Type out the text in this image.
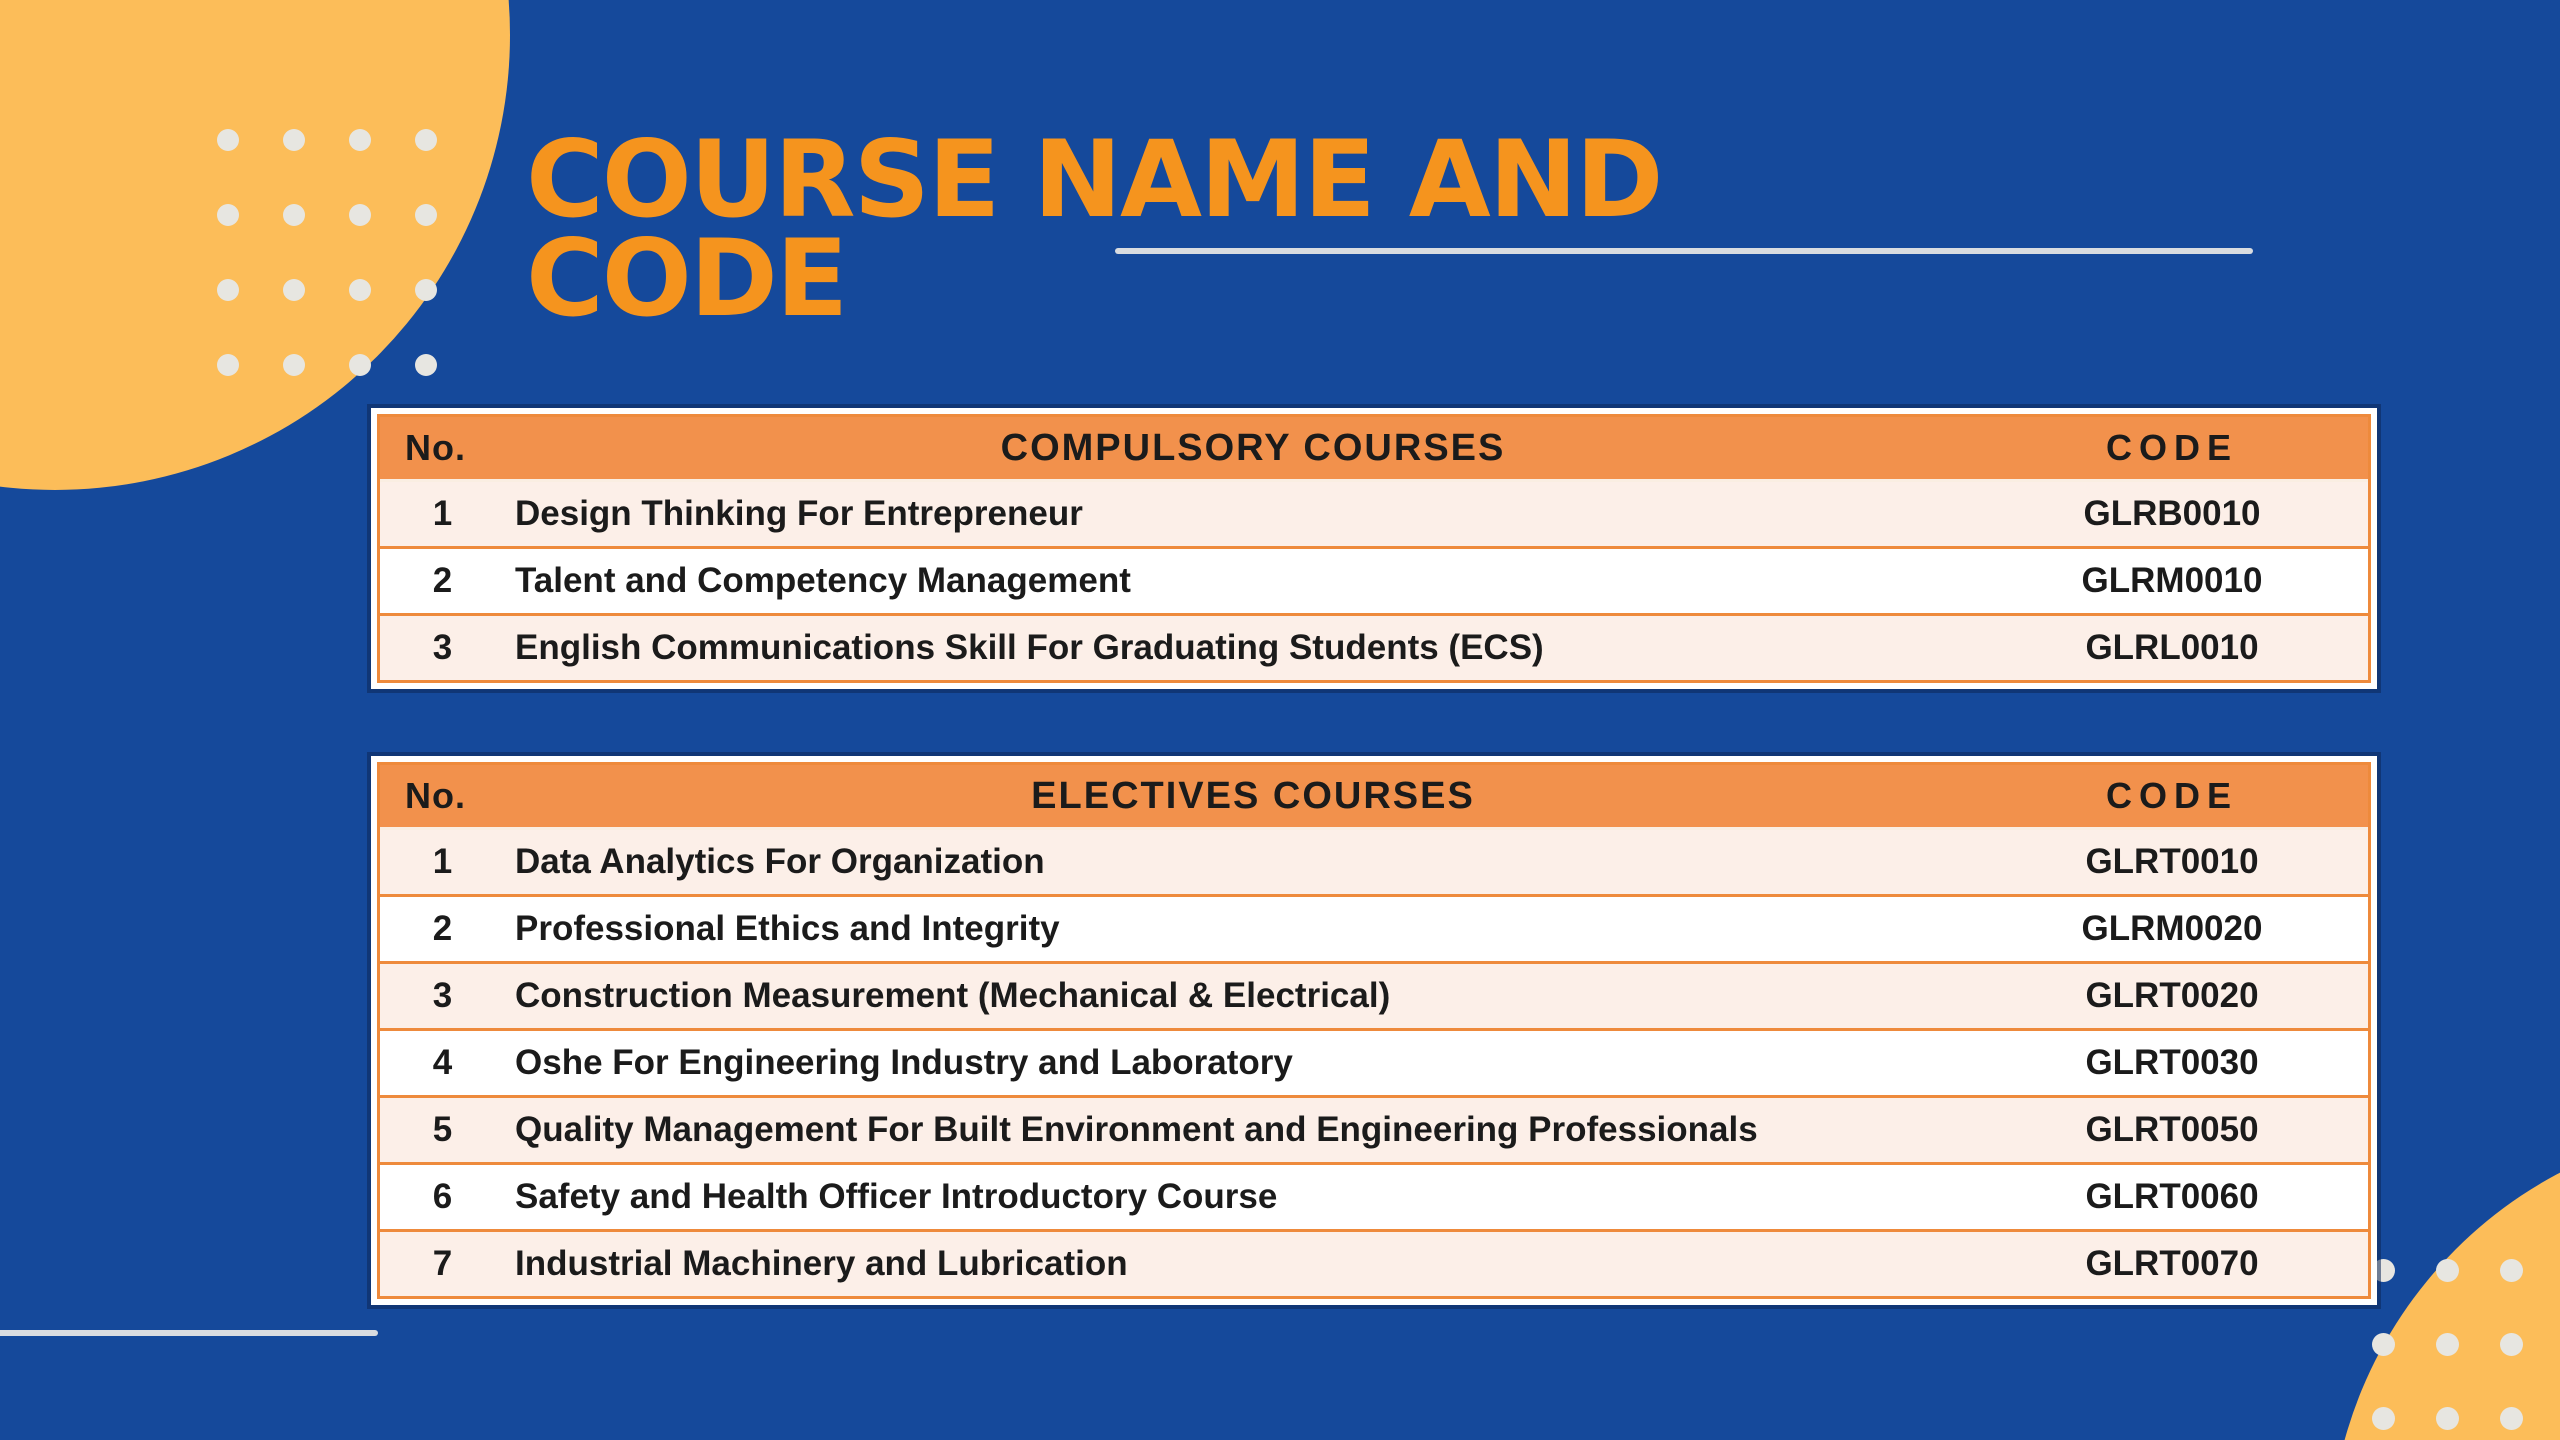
COURSE NAME AND
CODE
No.	COMPULSORY COURSES	CODE
1	Design Thinking For Entrepreneur	GLRB0010
2	Talent and Competency Management	GLRM0010
3	English Communications Skill For Graduating Students (ECS)	GLRL0010
No.	ELECTIVES COURSES	CODE
1	Data Analytics For Organization	GLRT0010
2	Professional Ethics and Integrity	GLRM0020
3	Construction Measurement (Mechanical & Electrical)	GLRT0020
4	Oshe For Engineering Industry and Laboratory	GLRT0030
5	Quality Management For Built Environment and Engineering Professionals	GLRT0050
6	Safety and Health Officer Introductory Course	GLRT0060
7	Industrial Machinery and Lubrication	GLRT0070
